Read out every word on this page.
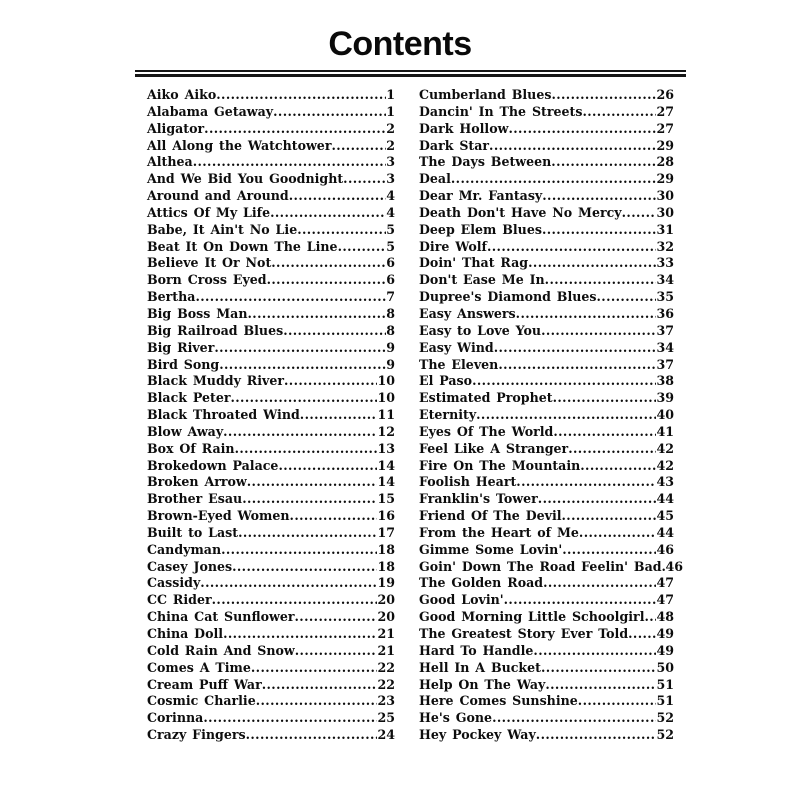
Contents
Aiko Aiko .....	1
Alabama Getaway .....	1
Aligator .....	2
All Along the Watchtower .....	2
Althea .....	3
And We Bid You Goodnight .....	3
Around and Around .....	4
Attics Of My Life .....	4
Babe, It Ain't No Lie .....	5
Beat It On Down The Line .....	5
Believe It Or Not .....	6
Born Cross Eyed .....	6
Bertha .....	7
Big Boss Man .....	8
Big Railroad Blues .....	8
Big River .....	9
Bird Song .....	9
Black Muddy River .....	10
Black Peter .....	10
Black Throated Wind .....	11
Blow Away .....	12
Box Of Rain .....	13
Brokedown Palace .....	14
Broken Arrow .....	14
Brother Esau .....	15
Brown-Eyed Women .....	16
Built to Last .....	17
Candyman .....	18
Casey Jones .....	18
Cassidy .....	19
CC Rider .....	20
China Cat Sunflower .....	20
China Doll .....	21
Cold Rain And Snow .....	21
Comes A Time .....	22
Cream Puff War .....	22
Cosmic Charlie .....	23
Corinna .....	25
Crazy Fingers .....	24
Cumberland Blues .....	26
Dancin' In The Streets .....	27
Dark Hollow .....	27
Dark Star .....	29
The Days Between .....	28
Deal .....	29
Dear Mr. Fantasy .....	30
Death Don't Have No Mercy .....	30
Deep Elem Blues .....	31
Dire Wolf .....	32
Doin' That Rag .....	33
Don't Ease Me In .....	34
Dupree's Diamond Blues .....	35
Easy Answers .....	36
Easy to Love You .....	37
Easy Wind .....	34
The Eleven .....	37
El Paso .....	38
Estimated Prophet .....	39
Eternity .....	40
Eyes Of The World .....	41
Feel Like A Stranger .....	42
Fire On The Mountain .....	42
Foolish Heart .....	43
Franklin's Tower .....	44
Friend Of The Devil .....	45
From the Heart of Me .....	44
Gimme Some Lovin' .....	46
Goin' Down The Road Feelin' Bad ..... 46
The Golden Road .....	47
Good Lovin' .....	47
Good Morning Little Schoolgirl ..... 48
The Greatest Story Ever Told ..... 49
Hard To Handle .....	49
Hell In A Bucket .....	50
Help On The Way .....	51
Here Comes Sunshine .....	51
He's Gone .....	52
Hey Pockey Way .....	52
